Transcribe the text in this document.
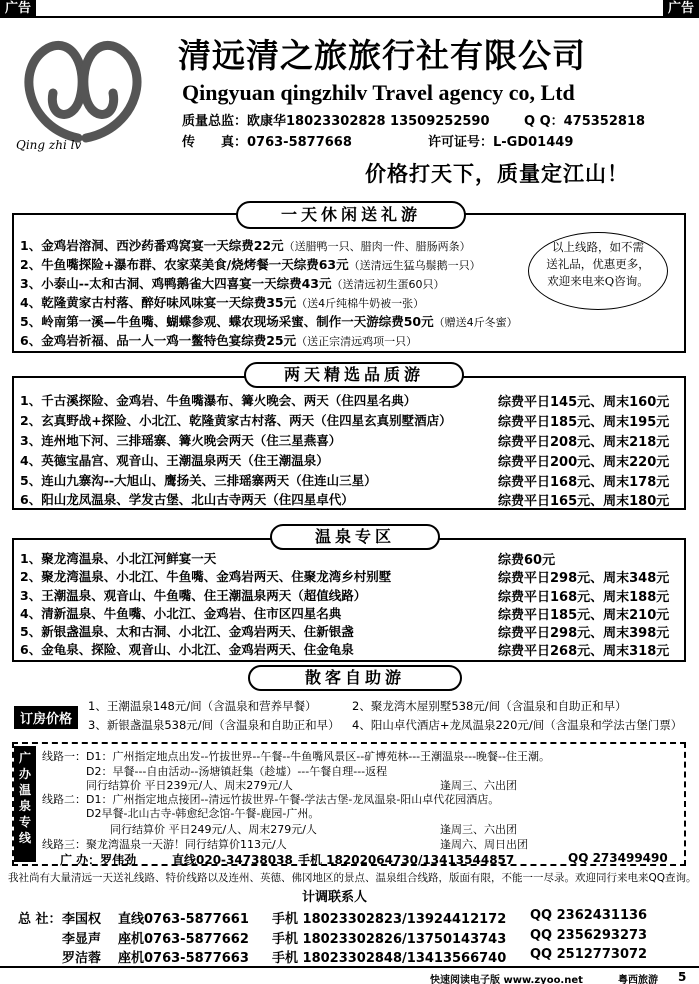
广告	广告
Qing zhi lv
清远清之旅旅行社有限公司
Qingyuan qingzhilv Travel agency co, Ltd
质量总监：欧康华18023302828 13509252590	Q Q：475352818
传　　真：0763-5877668	许可证号：L-GD01449
价格打天下，质量定江山！
一天休闲送礼游
1、金鸡岩溶洞、西沙药番鸡窝宴一天综费22元（送腊鸭一只、腊肉一件、腊肠两条）
2、牛鱼嘴探险+瀑布群、农家菜美食/烧烤餐一天综费63元（送清远生猛乌鬃鹅一只）
3、小泰山--太和古洞、鸡鸭鹅雀大四喜宴一天综费43元（送清远初生蛋60只）
4、乾隆黄家古村落、醉好味风味宴一天综费35元（送4斤纯棉牛奶被一张）
5、岭南第一溪—牛鱼嘴、蝴蝶参观、蝶农现场采蜜、制作一天游综费50元（赠送4斤冬蜜）
6、金鸡岩祈福、品一人一鸡一鳖特色宴综费25元（送正宗清远鸡项一只）
以上线路，如不需
送礼品，优惠更多，
欢迎来电来Q咨询。
两天精选品质游
1、千古溪探险、金鸡岩、牛鱼嘴瀑布、篝火晚会、两天（住四星名典）	综费平日145元、周末160元
2、玄真野战+探险、小北江、乾隆黄家古村落、两天（住四星玄真别墅酒店）	综费平日185元、周末195元
3、连州地下河、三排瑶寨、篝火晚会两天（住三星燕喜）	综费平日208元、周末218元
4、英德宝晶宫、观音山、王潮温泉两天（住王潮温泉）	综费平日200元、周末220元
5、连山九寨沟--大旭山、鹰扬关、三排瑶寨两天（住连山三星）	综费平日168元、周末178元
6、阳山龙凤温泉、学发古堡、北山古寺两天（住四星卓代）	综费平日165元、周末180元
温泉专区
1、聚龙湾温泉、小北江河鲜宴一天	综费60元
2、聚龙湾温泉、小北江、牛鱼嘴、金鸡岩两天、住聚龙湾乡村别墅	综费平日298元、周末348元
3、王潮温泉、观音山、牛鱼嘴、住王潮温泉两天（超值线路）	综费平日168元、周末188元
4、清新温泉、牛鱼嘴、小北江、金鸡岩、住市区四星名典	综费平日185元、周末210元
5、新银盏温泉、太和古洞、小北江、金鸡岩两天、住新银盏	综费平日298元、周末398元
6、金龟泉、探险、观音山、小北江、金鸡岩两天、住金龟泉	综费平日268元、周末318元
散客自助游
订房价格
1、王潮温泉148元/间（含温泉和营养早餐）	2、聚龙湾木屋别墅538元/间（含温泉和自助正和早）
3、新银盏温泉538元/间（含温泉和自助正和早） 4、阳山卓代酒店+龙凤温泉220元/间（含温泉和学法古堡门票）
广
办
温
泉
专
线
线路一：D1：广州指定地点出发--竹拔世界--午餐--牛鱼嘴风景区--矿博苑林---王潮温泉---晚餐--住王潮。
D2：早餐---自由活动--汤塘镇赶集（趁墟）---午餐自理---返程
同行结算价 平日239元/人、周末279元/人	逢周三、六出团
线路二：D1：广州指定地点接团--清远竹拔世界-午餐-学法古堡-龙凤温泉-阳山卓代花园酒店。
D2早餐-北山古寺-韩愈纪念馆-午餐-鹿园-广州。
同行结算价 平日249元/人、周末279元/人	逢周三、六出团
线路三：聚龙湾温泉一天游！同行结算价113元/人	逢周六、周日出团
广 办：罗伟劲	直线020-34738038 手机 18202064730/13413544857	QQ 273499490
我社尚有大量清远一天送礼线路、特价线路以及连州、英德、佛冈地区的景点、温泉组合线路，版面有限，不能一一尽录。欢迎同行来电来QQ查询。
计调联系人
总 社： 李国权 直线0763-5877661 手机 18023302823/13924412172 QQ 2362431136
李显声 座机0763-5877662 手机 18023302826/13750143743 QQ 2356293273
罗洁蓉 座机0763-5877663 手机 18023302848/13413566740 QQ 2512773072
快速阅读电子版 www.zyoo.net	粤西旅游 5
